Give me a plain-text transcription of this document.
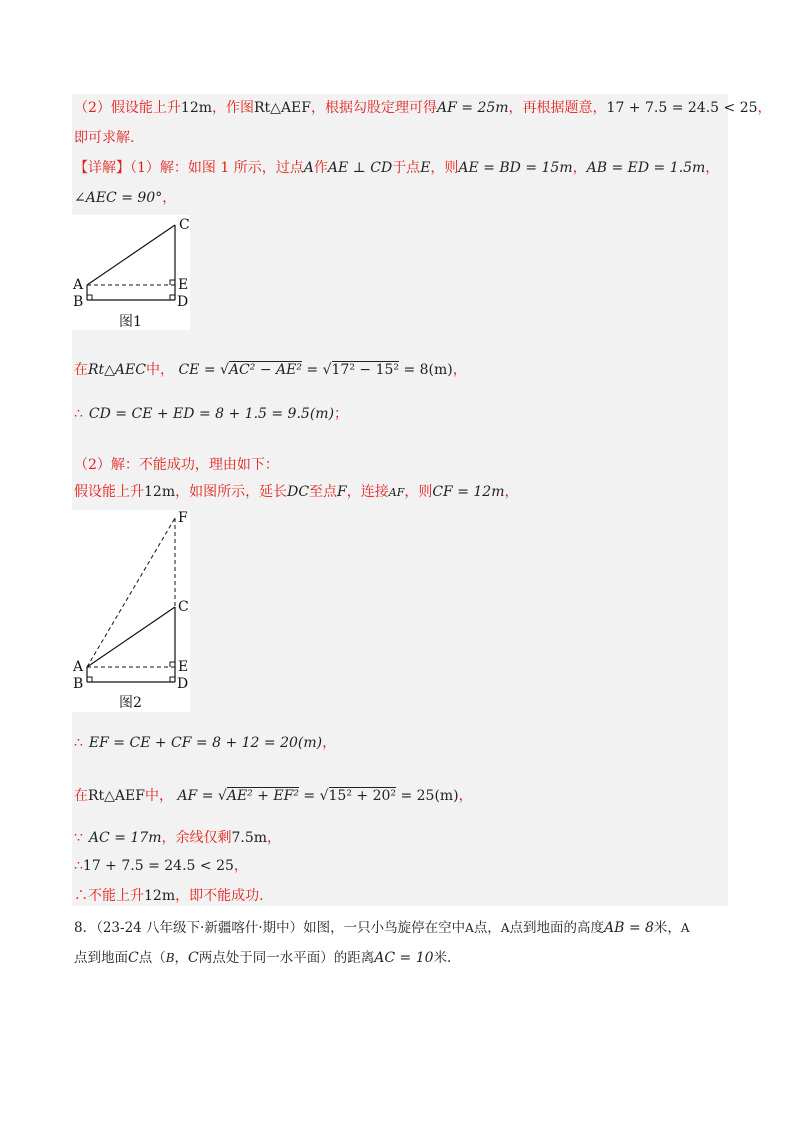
（2）假设能上升12m，作图Rt△AEF，根据勾股定理可得AF = 25m，再根据题意，17 + 7.5 = 24.5 < 25，
即可求解.
【详解】（1）解：如图 1 所示，过点A作AE ⊥ CD于点E，则AE = BD = 15m，AB = ED = 1.5m，
∠AEC = 90°，
C
A
B
E
D
图1
在Rt△AEC中， CE = √AC² − AE² = √17² − 15² = 8(m)，
∴ CD = CE + ED = 8 + 1.5 = 9.5(m)；
（2）解：不能成功，理由如下：
假设能上升12m，如图所示，延长DC至点F，连接AF，则CF = 12m，
F
C
A
B
E
D
图2
∴ EF = CE + CF = 8 + 12 = 20(m)，
在Rt△AEF中， AF = √AE² + EF² = √15² + 20² = 25(m)，
∵ AC = 17m，余线仅剩7.5m，
∴17 + 7.5 = 24.5 < 25，
∴不能上升12m，即不能成功.
8．（23-24 八年级下·新疆喀什·期中）如图，一只小鸟旋停在空中A点，A点到地面的高度AB = 8米，A
点到地面C点（B，C两点处于同一水平面）的距离AC = 10米.
